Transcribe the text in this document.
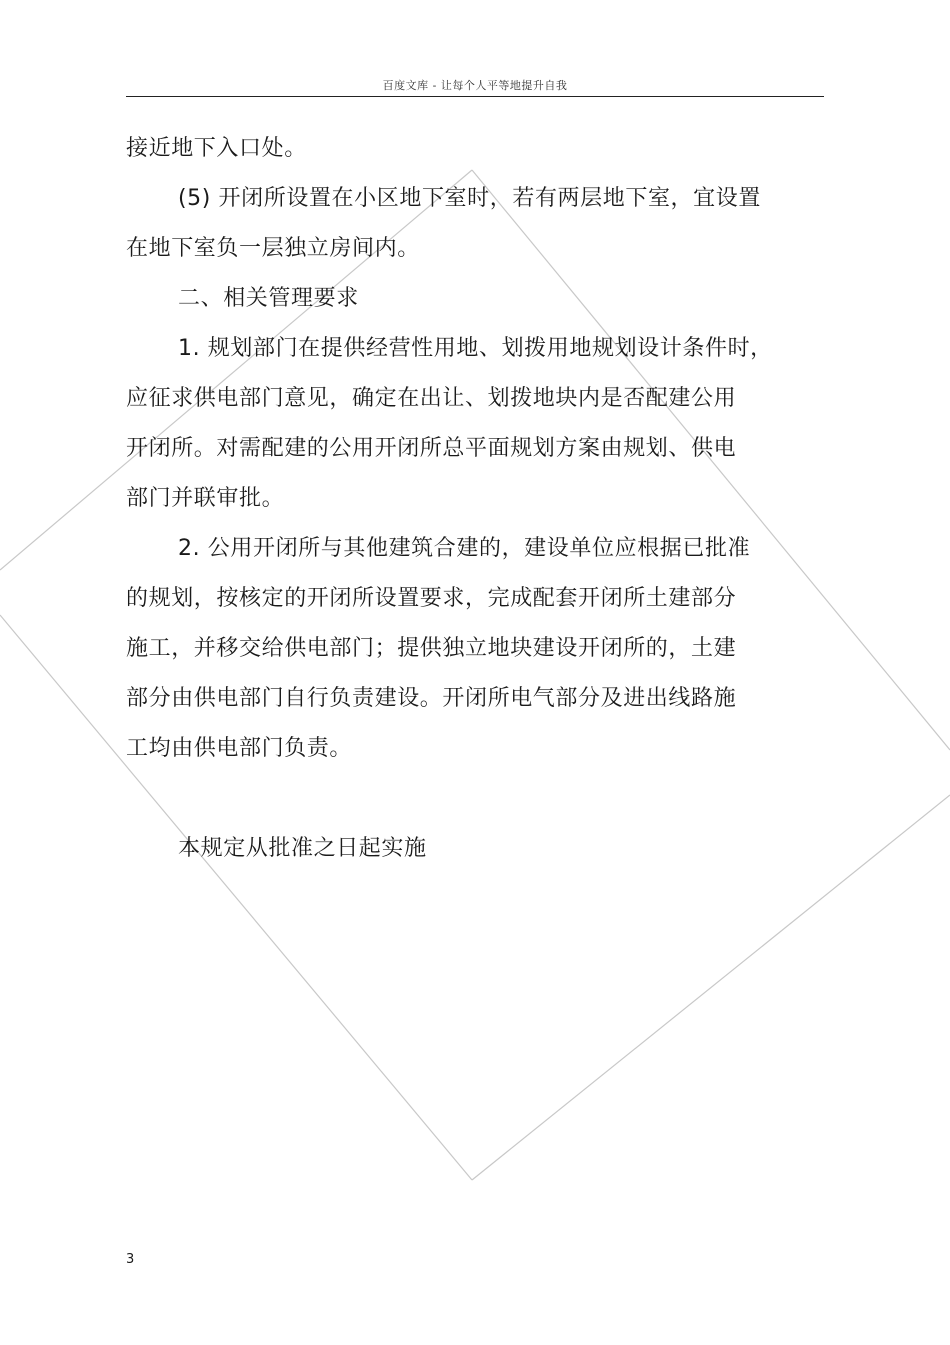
百度文库 - 让每个人平等地提升自我
接近地下入口处。
(5) 开闭所设置在小区地下室时，若有两层地下室，宜设置
在地下室负一层独立房间内。
二、相关管理要求
1. 规划部门在提供经营性用地、划拨用地规划设计条件时，
应征求供电部门意见，确定在出让、划拨地块内是否配建公用
开闭所。对需配建的公用开闭所总平面规划方案由规划、供电
部门并联审批。
2. 公用开闭所与其他建筑合建的，建设单位应根据已批准
的规划，按核定的开闭所设置要求，完成配套开闭所土建部分
施工，并移交给供电部门；提供独立地块建设开闭所的，土建
部分由供电部门自行负责建设。开闭所电气部分及进出线路施
工均由供电部门负责。
本规定从批准之日起实施
3
